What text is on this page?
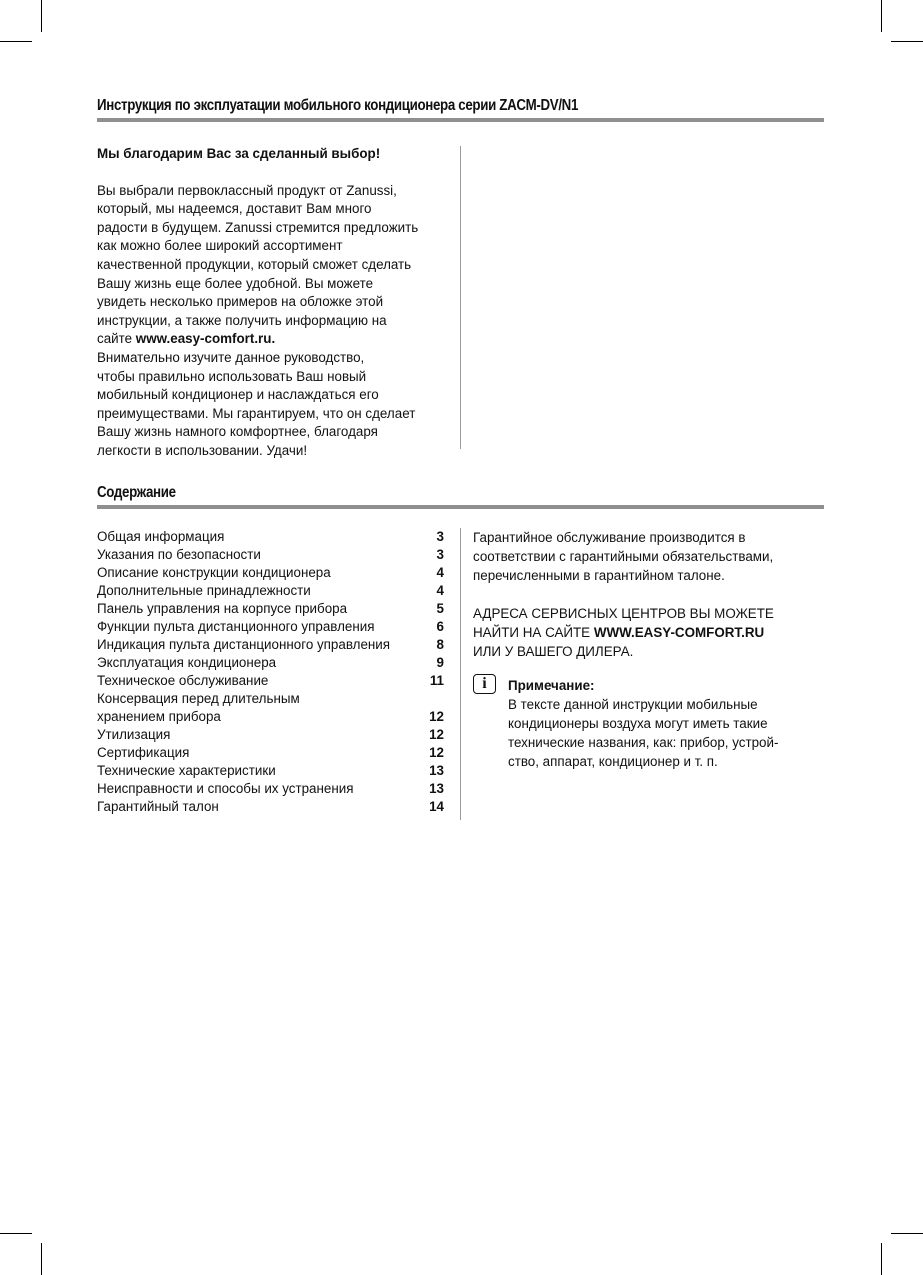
Инструкция по эксплуатации мобильного кондиционера серии ZACM-DV/N1

Мы благодарим Вас за сделанный выбор!

Вы выбрали первоклассный продукт от Zanussi,
который, мы надеемся, доставит Вам много
радости в будущем. Zanussi стремится предложить
как можно более широкий ассортимент
качественной продукции, который сможет сделать
Вашу жизнь еще более удобной. Вы можете
увидеть несколько примеров на обложке этой
инструкции, а также получить информацию на
сайте www.easy-comfort.ru.
Внимательно изучите данное руководство,
чтобы правильно использовать Ваш новый
мобильный кондиционер и наслаждаться его
преимуществами. Мы гарантируем, что он сделает
Вашу жизнь намного комфортнее, благодаря
легкости в использовании. Удачи!

Содержание
Общая информация	3
Указания по безопасности	3
Описание конструкции кондиционера	4
Дополнительные принадлежности	4
Панель управления на корпусе прибора	5
Функции пульта дистанционного управления	6
Индикация пульта дистанционного управления	8
Эксплуатация кондиционера	9
Техническое обслуживание	11
Консервация перед длительным
хранением прибора	12
Утилизация	12
Сертификация	12
Технические характеристики	13
Неисправности и способы их устранения	13
Гарантийный талон	14

Гарантийное обслуживание производится в
соответствии с гарантийными обязательствами,
перечисленными в гарантийном талоне.

АДРЕСА СЕРВИСНЫХ ЦЕНТРОВ ВЫ МОЖЕТЕ
НАЙТИ НА САЙТЕ WWW.EASY-COMFORT.RU
ИЛИ У ВАШЕГО ДИЛЕРА.

i	Примечание:
В тексте данной инструкции мобильные
кондиционеры воздуха могут иметь такие
технические названия, как: прибор, устрой-
ство, аппарат, кондиционер и т. п.
